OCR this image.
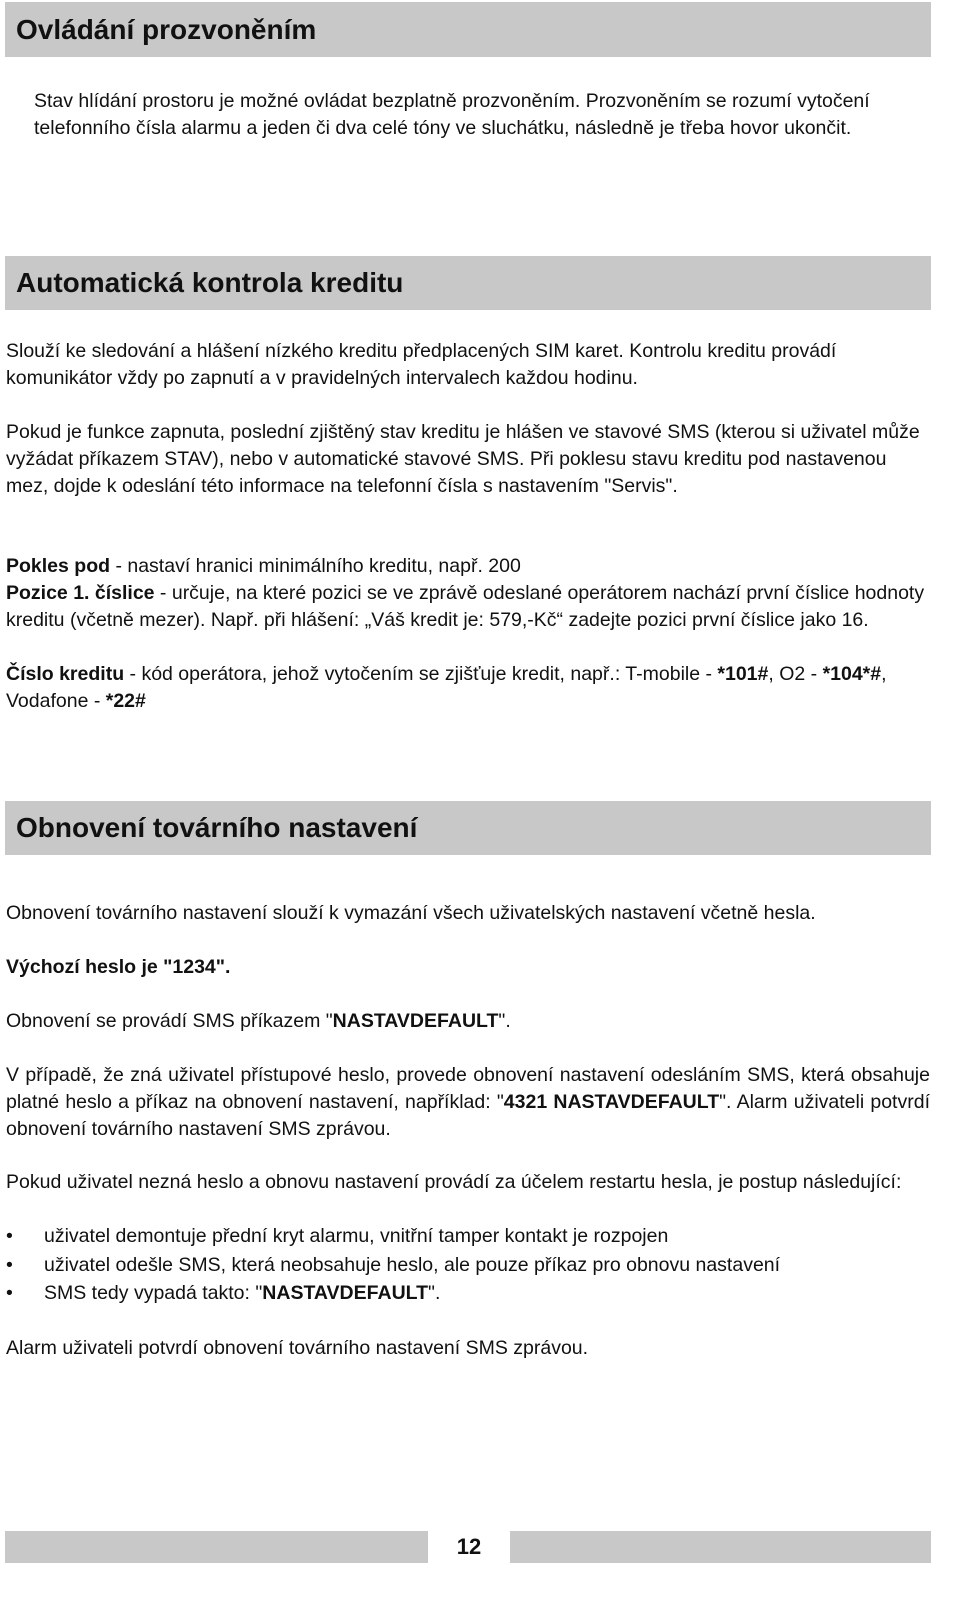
Ovládání prozvoněním

Stav hlídání prostoru je možné ovládat bezplatně prozvoněním. Prozvoněním se rozumí vytočení telefonního čísla alarmu a jeden či dva celé tóny ve sluchátku, následně je třeba hovor ukončit.

Automatická kontrola kreditu

Slouží ke sledování a hlášení nízkého kreditu předplacených SIM karet. Kontrolu kreditu provádí komunikátor vždy po zapnutí a v pravidelných intervalech každou hodinu.

Pokud je funkce zapnuta, poslední zjištěný stav kreditu je hlášen ve stavové SMS (kterou si uživatel může vyžádat příkazem STAV), nebo v automatické stavové SMS. Při poklesu stavu kreditu pod nastavenou mez, dojde k odeslání této informace na telefonní čísla s nastavením "Servis".

Pokles pod - nastaví hranici minimálního kreditu, např. 200

Pozice 1. číslice - určuje, na které pozici se ve zprávě odeslané operátorem nachází první číslice hodnoty kreditu (včetně mezer). Např. při hlášení: „Váš kredit je: 579,-Kč“ zadejte pozici první číslice jako 16.

Číslo kreditu - kód operátora, jehož vytočením se zjišťuje kredit, např.: T-mobile - *101#, O2 - *104*#, Vodafone - *22#

Obnovení továrního nastavení

Obnovení továrního nastavení slouží k vymazání všech uživatelských nastavení včetně hesla.

Výchozí heslo je "1234".

Obnovení se provádí SMS příkazem "NASTAVDEFAULT".

V případě, že zná uživatel přístupové heslo, provede obnovení nastavení odesláním SMS, která obsahuje platné heslo a příkaz na obnovení nastavení, například: "4321 NASTAVDEFAULT". Alarm uživateli potvrdí obnovení továrního nastavení SMS zprávou.

Pokud uživatel nezná heslo a obnovu nastavení provádí za účelem restartu hesla, je postup následující:

• uživatel demontuje přední kryt alarmu, vnitřní tamper kontakt je rozpojen
• uživatel odešle SMS, která neobsahuje heslo, ale pouze příkaz pro obnovu nastavení
• SMS tedy vypadá takto: "NASTAVDEFAULT".

Alarm uživateli potvrdí obnovení továrního nastavení SMS zprávou.

12
